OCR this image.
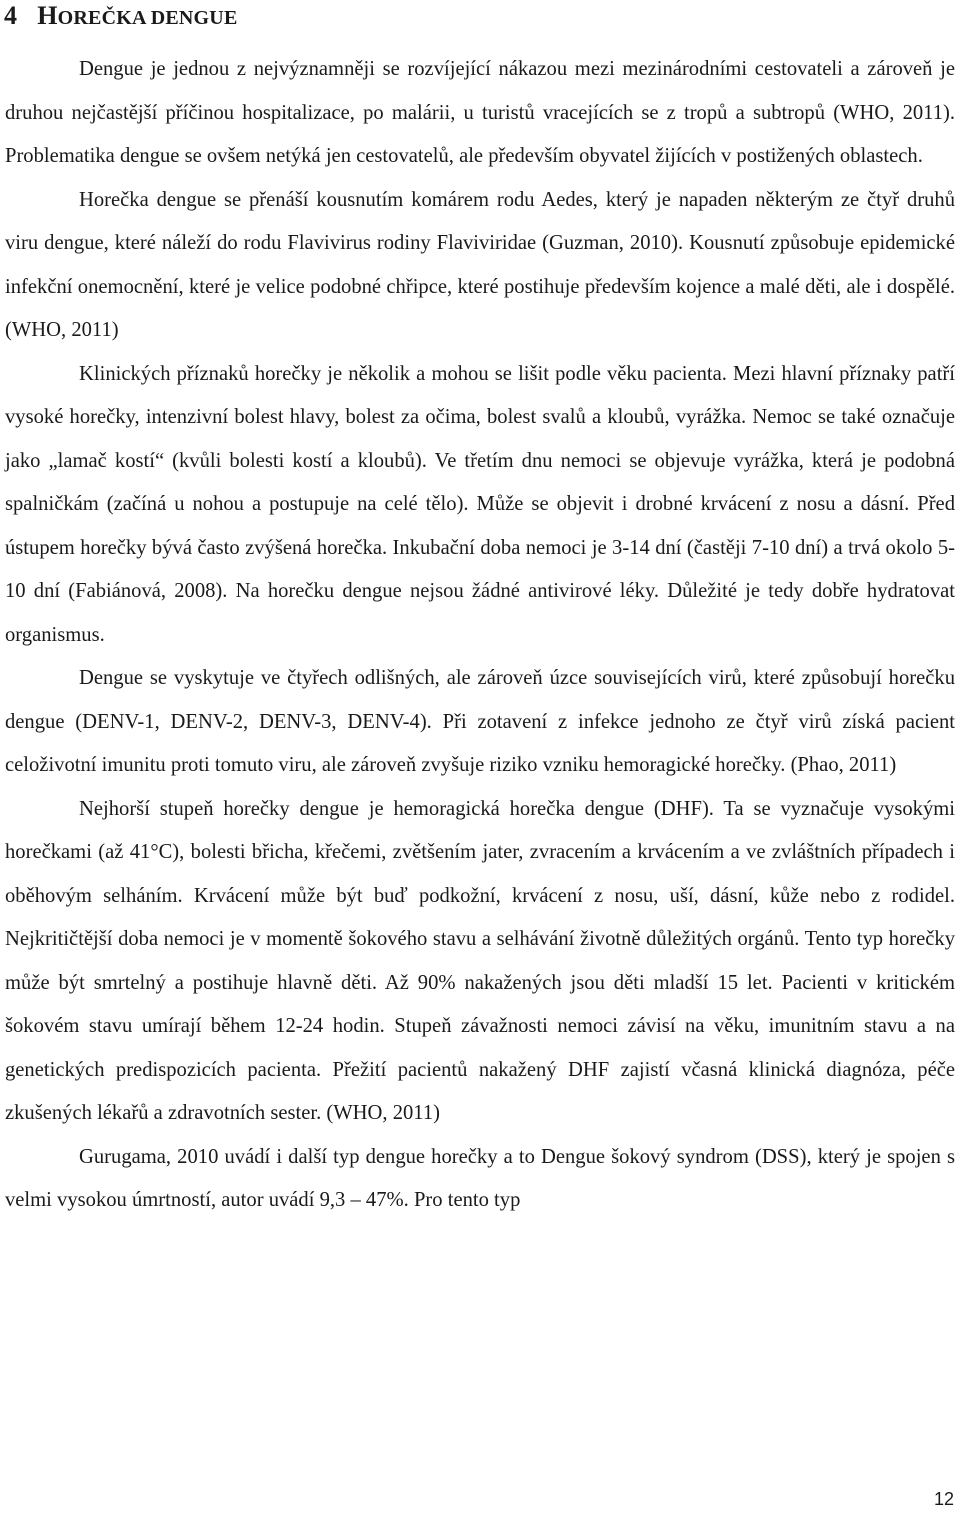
4 HOREČKA DENGUE

Dengue je jednou z nejvýznamněji se rozvíjející nákazou mezi mezinárodními cestovateli a zároveň je druhou nejčastější příčinou hospitalizace, po malárii, u turistů vracejících se z tropů a subtropů (WHO, 2011). Problematika dengue se ovšem netýká jen cestovatelů, ale především obyvatel žijících v postižených oblastech.

Horečka dengue se přenáší kousnutím komárem rodu Aedes, který je napaden některým ze čtyř druhů viru dengue, které náleží do rodu Flavivirus rodiny Flaviviridae (Guzman, 2010). Kousnutí způsobuje epidemické infekční onemocnění, které je velice podobné chřipce, které postihuje především kojence a malé děti, ale i dospělé. (WHO, 2011)

Klinických příznaků horečky je několik a mohou se lišit podle věku pacienta. Mezi hlavní příznaky patří vysoké horečky, intenzivní bolest hlavy, bolest za očima, bolest svalů a kloubů, vyrážka. Nemoc se také označuje jako „lamač kostí“ (kvůli bolesti kostí a kloubů). Ve třetím dnu nemoci se objevuje vyrážka, která je podobná spalničkám (začíná u nohou a postupuje na celé tělo). Může se objevit i drobné krvácení z nosu a dásní. Před ústupem horečky bývá často zvýšená horečka. Inkubační doba nemoci je 3-14 dní (častěji 7-10 dní) a trvá okolo 5-10 dní (Fabiánová, 2008). Na horečku dengue nejsou žádné antivirové léky. Důležité je tedy dobře hydratovat organismus.

Dengue se vyskytuje ve čtyřech odlišných, ale zároveň úzce souvisejících virů, které způsobují horečku dengue (DENV-1, DENV-2, DENV-3, DENV-4). Při zotavení z infekce jednoho ze čtyř virů získá pacient celoživotní imunitu proti tomuto viru, ale zároveň zvyšuje riziko vzniku hemoragické horečky. (Phao, 2011)

Nejhorší stupeň horečky dengue je hemoragická horečka dengue (DHF). Ta se vyznačuje vysokými horečkami (až 41°C), bolesti břicha, křečemi, zvětšením jater, zvracením a krvácením a ve zvláštních případech i oběhovým selháním. Krvácení může být buď podkožní, krvácení z nosu, uší, dásní, kůže nebo z rodidel. Nejkritičtější doba nemoci je v momentě šokového stavu a selhávání životně důležitých orgánů. Tento typ horečky může být smrtelný a postihuje hlavně děti. Až 90% nakažených jsou děti mladší 15 let. Pacienti v kritickém šokovém stavu umírají během 12-24 hodin. Stupeň závažnosti nemoci závisí na věku, imunitním stavu a na genetických predispozicích pacienta. Přežití pacientů nakažený DHF zajistí včasná klinická diagnóza, péče zkušených lékařů a zdravotních sester. (WHO, 2011)

Gurugama, 2010 uvádí i další typ dengue horečky a to Dengue šokový syndrom (DSS), který je spojen s velmi vysokou úmrtností, autor uvádí 9,3 – 47%. Pro tento typ

12
